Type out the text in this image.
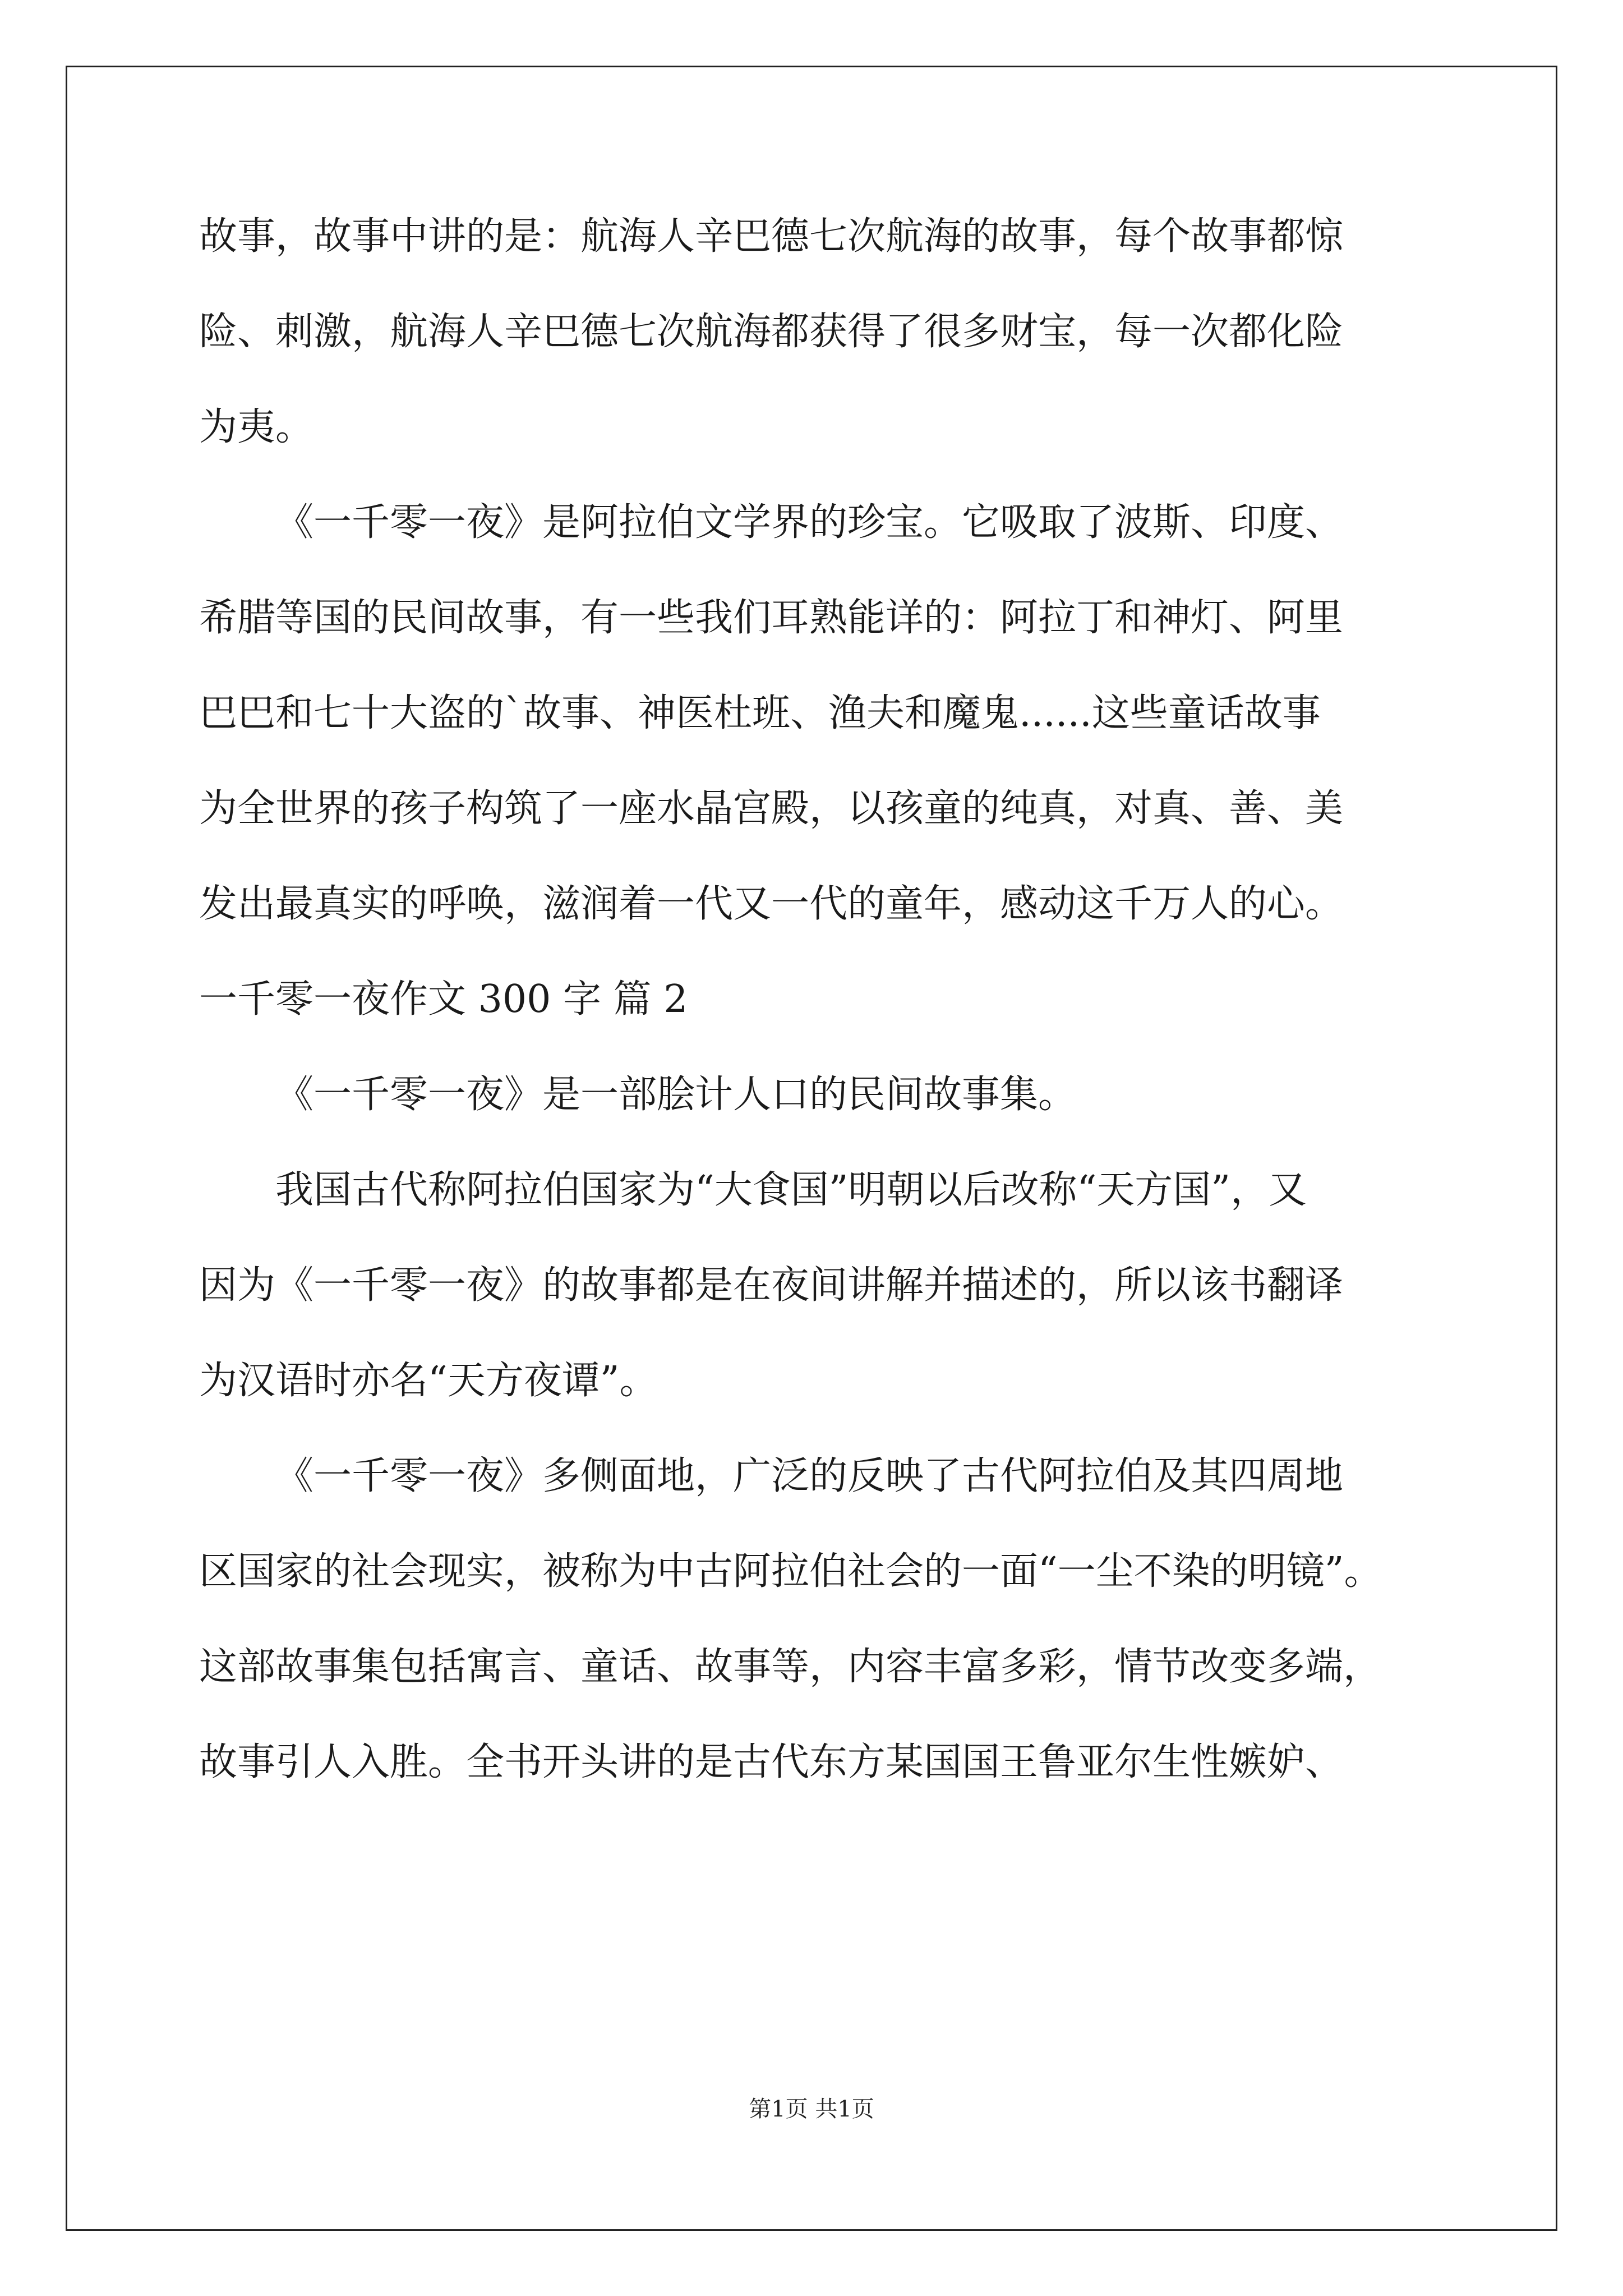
故事，故事中讲的是：航海人辛巴德七次航海的故事，每个故事都惊
险、刺激，航海人辛巴德七次航海都获得了很多财宝，每一次都化险
为夷。
《一千零一夜》是阿拉伯文学界的珍宝。它吸取了波斯、印度、
希腊等国的民间故事，有一些我们耳熟能详的：阿拉丁和神灯、阿里
巴巴和七十大盗的`故事、神医杜班、渔夫和魔鬼......这些童话故事
为全世界的孩子构筑了一座水晶宫殿，以孩童的纯真，对真、善、美
发出最真实的呼唤，滋润着一代又一代的童年，感动这千万人的心。
一千零一夜作文 300 字 篇 2
《一千零一夜》是一部脍计人口的民间故事集。
我国古代称阿拉伯国家为“大食国”明朝以后改称“天方国”，又
因为《一千零一夜》的故事都是在夜间讲解并描述的，所以该书翻译
为汉语时亦名“天方夜谭”。
《一千零一夜》多侧面地，广泛的反映了古代阿拉伯及其四周地
区国家的社会现实，被称为中古阿拉伯社会的一面“一尘不染的明镜”。
这部故事集包括寓言、童话、故事等，内容丰富多彩，情节改变多端，
故事引人入胜。全书开头讲的是古代东方某国国王鲁亚尔生性嫉妒、
第1页 共1页
